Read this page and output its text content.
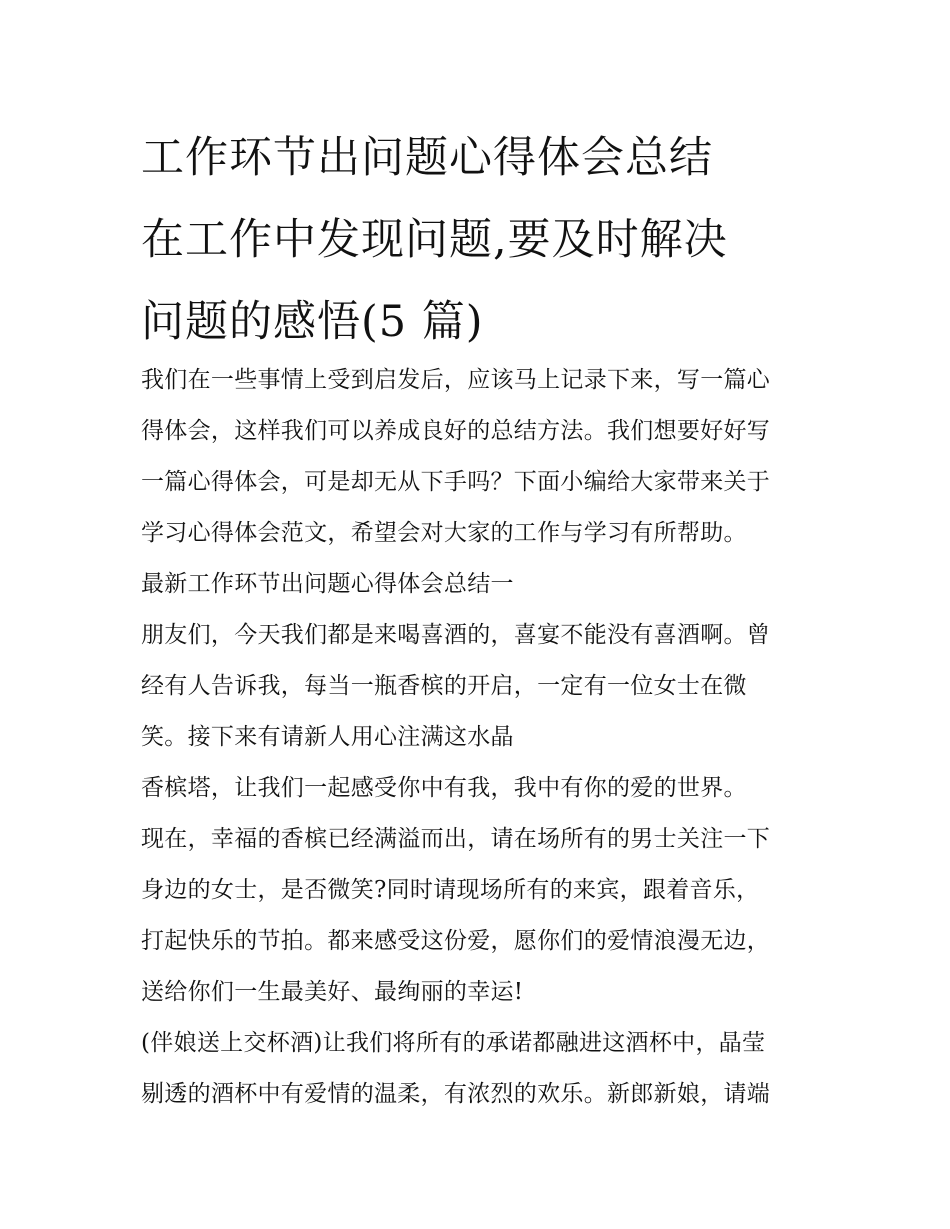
工作环节出问题心得体会总结
在工作中发现问题,要及时解决
问题的感悟(5 篇)
我们在一些事情上受到启发后，应该马上记录下来，写一篇心
得体会，这样我们可以养成良好的总结方法。我们想要好好写
一篇心得体会，可是却无从下手吗？下面小编给大家带来关于
学习心得体会范文，希望会对大家的工作与学习有所帮助。
最新工作环节出问题心得体会总结一
朋友们，今天我们都是来喝喜酒的，喜宴不能没有喜酒啊。曾
经有人告诉我，每当一瓶香槟的开启，一定有一位女士在微
笑。接下来有请新人用心注满这水晶
香槟塔，让我们一起感受你中有我，我中有你的爱的世界。
现在，幸福的香槟已经满溢而出，请在场所有的男士关注一下
身边的女士，是否微笑?同时请现场所有的来宾，跟着音乐，
打起快乐的节拍。都来感受这份爱，愿你们的爱情浪漫无边，
送给你们一生最美好、最绚丽的幸运!
(伴娘送上交杯酒)让我们将所有的承诺都融进这酒杯中，晶莹
剔透的酒杯中有爱情的温柔，有浓烈的欢乐。新郎新娘，请端
